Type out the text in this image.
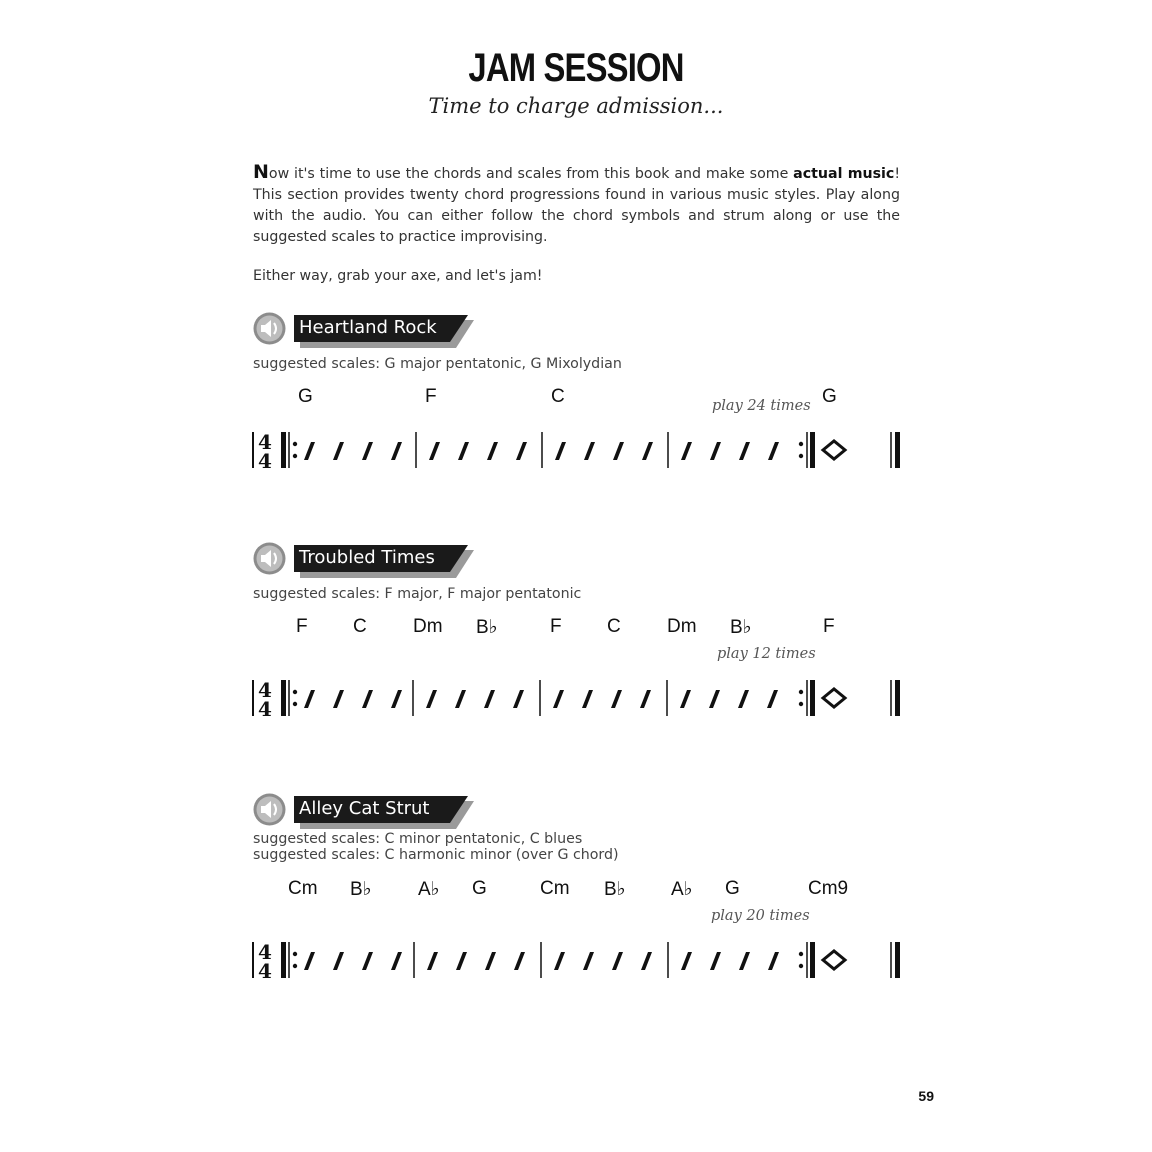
JAM SESSION
Time to charge admission...
Now it's time to use the chords and scales from this book and make some actual music! This section provides twenty chord progressions found in various music styles. Play along with the audio. You can either follow the chord symbols and strum along or use the suggested scales to practice improvising.
Either way, grab your axe, and let's jam!
Heartland Rock
suggested scales: G major pentatonic, G Mixolydian
G	F	C	G
play 24 times
4
4
Troubled Times
suggested scales: F major, F major pentatonic
F C Dm B♭	F C Dm B♭	F
play 12 times
4
4
Alley Cat Strut
suggested scales: C minor pentatonic, C blues
suggested scales: C harmonic minor (over G chord)
Cm B♭ A♭ G	Cm B♭ A♭ G	Cm9
play 20 times
4
4
59
